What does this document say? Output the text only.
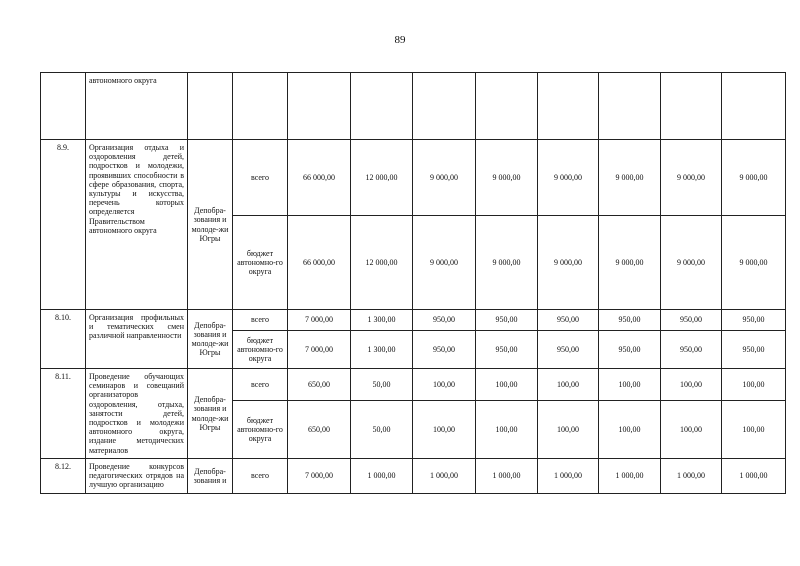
89
	автономного округа										
8.9.	Организация отдыха и оздоровления детей, подростков и молодежи, проявивших способности в сфере образования, спорта, культуры и искусства, перечень которых определяется Правительством автономного округа	Депобра-зования и молоде-жи Югры	всего	66 000,00	12 000,00	9 000,00	9 000,00	9 000,00	9 000,00	9 000,00	9 000,00
			бюджет автономно-го округа	66 000,00	12 000,00	9 000,00	9 000,00	9 000,00	9 000,00	9 000,00	9 000,00
8.10.	Организация профильных и тематических смен различной направленности	Депобра-зования и молоде-жи Югры	всего	7 000,00	1 300,00	950,00	950,00	950,00	950,00	950,00	950,00
			бюджет автономно-го округа	7 000,00	1 300,00	950,00	950,00	950,00	950,00	950,00	950,00
8.11.	Проведение обучающих семинаров и совещаний организаторов оздоровления, отдыха, занятости детей, подростков и молодежи автономного округа, издание методических материалов	Депобра-зования и молоде-жи Югры	всего	650,00	50,00	100,00	100,00	100,00	100,00	100,00	100,00
			бюджет автономно-го округа	650,00	50,00	100,00	100,00	100,00	100,00	100,00	100,00
8.12.	Проведение конкурсов педагогических отрядов на лучшую организацию	Депобра-зования и	всего	7 000,00	1 000,00	1 000,00	1 000,00	1 000,00	1 000,00	1 000,00	1 000,00
